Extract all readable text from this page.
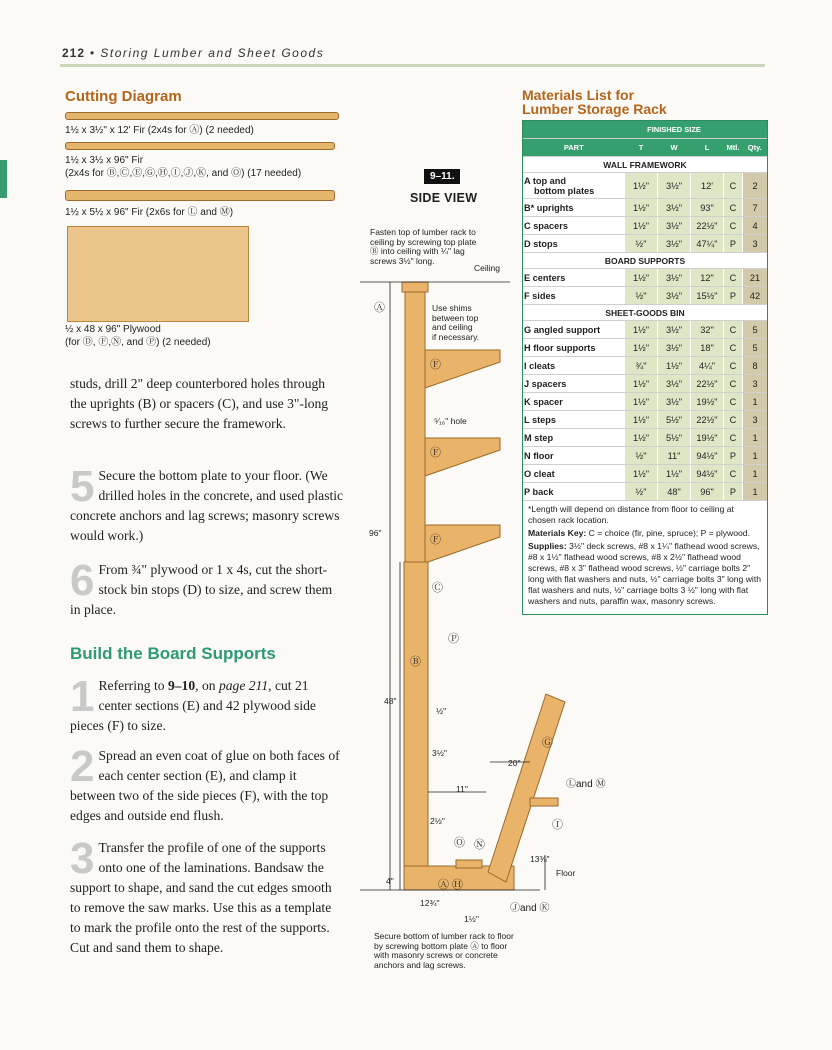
212 • Storing Lumber and Sheet Goods
Cutting Diagram
1½ x 3½" x 12' Fir (2x4s for Ⓐ) (2 needed)
1½ x 3½ x 96" Fir
(2x4s for Ⓑ,Ⓒ,Ⓔ,Ⓖ,Ⓗ,Ⓘ,Ⓙ,Ⓚ, and Ⓞ) (17 needed)
1½ x 5½ x 96" Fir (2x6s for Ⓛ and Ⓜ)
½ x 48 x 96" Plywood
(for Ⓓ, Ⓕ,Ⓝ, and Ⓟ) (2 needed)

studs, drill 2" deep counterbored holes through the uprights (B) or spacers (C), and use 3"-long screws to further secure the framework.

5 Secure the bottom plate to your floor. (We drilled holes in the concrete, and used plastic concrete anchors and lag screws; masonry screws would work.)

6 From ¾" plywood or 1 x 4s, cut the short-stock bin stops (D) to size, and screw them in place.

Build the Board Supports
1 Referring to 9–10, on page 211, cut 21 center sections (E) and 42 plywood side pieces (F) to size.

2 Spread an even coat of glue on both faces of each center section (E), and clamp it between two of the side pieces (F), with the top edges and outside end flush.

3 Transfer the profile of one of the supports onto one of the laminations. Bandsaw the support to shape, and sand the cut edges smooth to remove the saw marks. Use this as a template to mark the profile onto the rest of the supports. Cut and sand them to shape.

Materials List for
Lumber Storage Rack
	FINISHED SIZE				
PART	T	W	L	Mtl.	Qty.
WALL FRAMEWORK					
A top and
bottom plates	1½"	3½"	12'	C	2
B* uprights	1½"	3½"	93"	C	7
C spacers	1½"	3½"	22½"	C	4
D stops	½"	3½"	47¼"	P	3
BOARD SUPPORTS					
E centers	1½"	3½"	12"	C	21
F sides	½"	3½"	15½"	P	42
SHEET-GOODS BIN					
G angled support	1½"	3½"	32"	C	5
H floor supports	1½"	3½"	18"	C	5
I cleats	¾"	1½"	4¼"	C	8
J spacers	1½"	3½"	22½"	C	3
K spacer	1½"	3½"	19½"	C	1
L steps	1½"	5½"	22½"	C	3
M step	1½"	5½"	19½"	C	1
N floor	½"	11"	94½"	P	1
O cleat	1½"	1½"	94½"	C	1
P back	½"	48"	96"	P	1

*Length will depend on distance from floor to ceiling at chosen rack location.

Materials Key: C = choice (fir, pine, spruce); P = plywood.

Supplies: 3½" deck screws, #8 x 1¼" flathead wood screws, #8 x 1½" flathead wood screws, #8 x 2½" flathead wood screws, #8 x 3" flathead wood screws, ½" carriage bolts 2" long with flat washers and nuts, ½" carriage bolts 3" long with flat washers and nuts, ½" carriage bolts 3 ½" long with flat washers and nuts, paraffin wax, masonry screws.

9–11.
SIDE VIEW
Fasten top of lumber rack to
ceiling by screwing top plate
Ⓑ into ceiling with ¼" lag
screws 3½" long.
Ceiling
Use shims
between top
and ceiling
if necessary.
⁵⁄₁₆" hole
Ⓐ
Ⓕ
Ⓕ
Ⓕ
Ⓒ
Ⓟ
Ⓑ
96"
48"
½"
3½"
11"
20"
Ⓖ
Ⓛand Ⓜ
Ⓘ
2½"
Ⓞ Ⓝ
13⅜"
Floor
4"	Ⓐ Ⓗ
12¾"	Ⓙand Ⓚ
1½"
Secure bottom of lumber rack to floor
by screwing bottom plate Ⓐ to floor
with masonry screws or concrete
anchors and lag screws.
